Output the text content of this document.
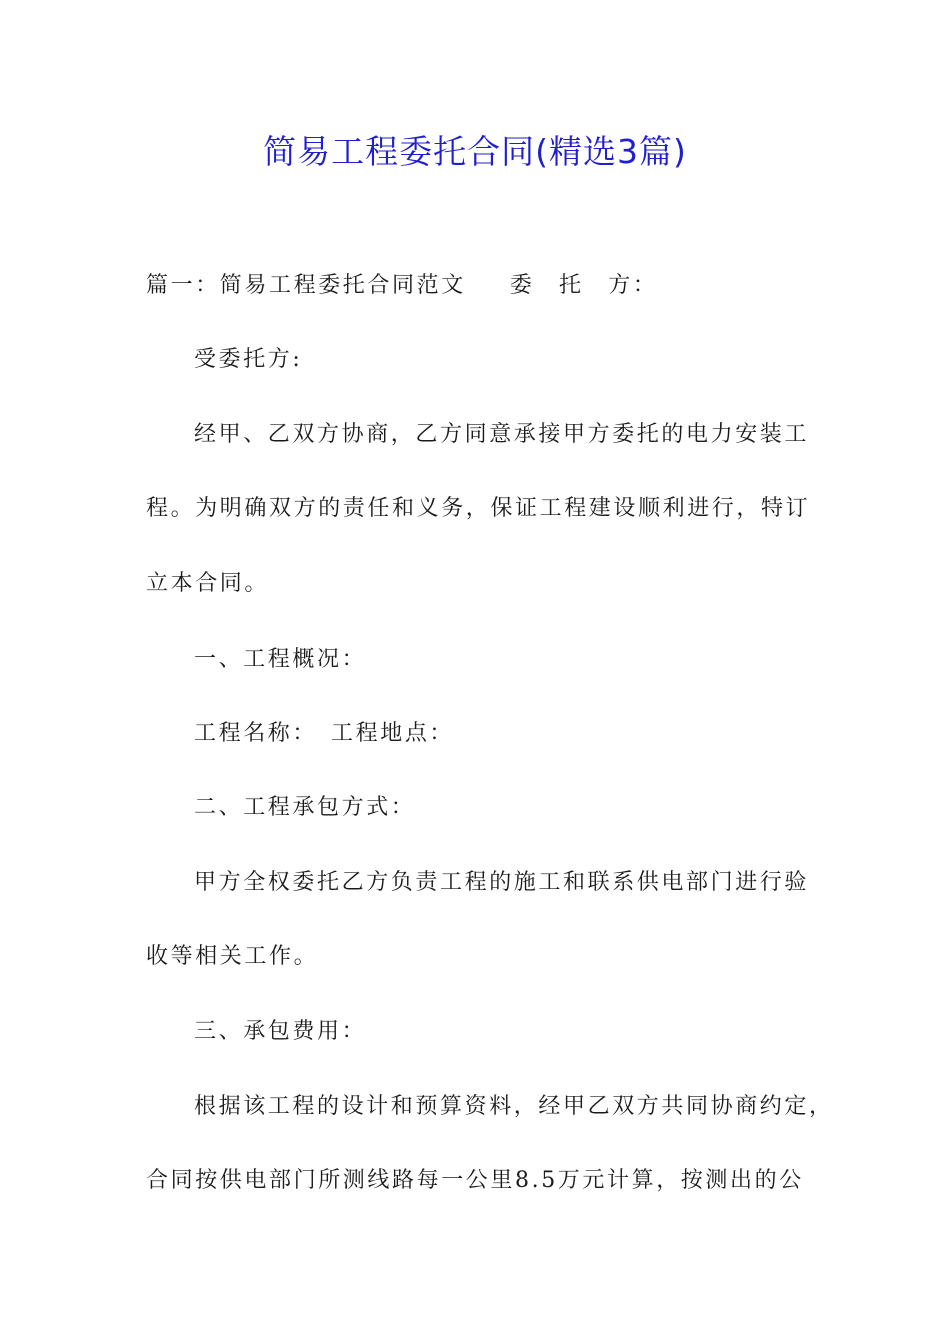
简易工程委托合同(精选3篇)
篇一：简易工程委托合同范文 委　托　方：
受委托方:
经甲、乙双方协商，乙方同意承接甲方委托的电力安装工
程。为明确双方的责任和义务，保证工程建设顺利进行，特订
立本合同。
一、工程概况：
工程名称： 工程地点：
二、工程承包方式：
甲方全权委托乙方负责工程的施工和联系供电部门进行验
收等相关工作。
三、承包费用：
根据该工程的设计和预算资料，经甲乙双方共同协商约定，
合同按供电部门所测线路每一公里8.5万元计算，按测出的公
